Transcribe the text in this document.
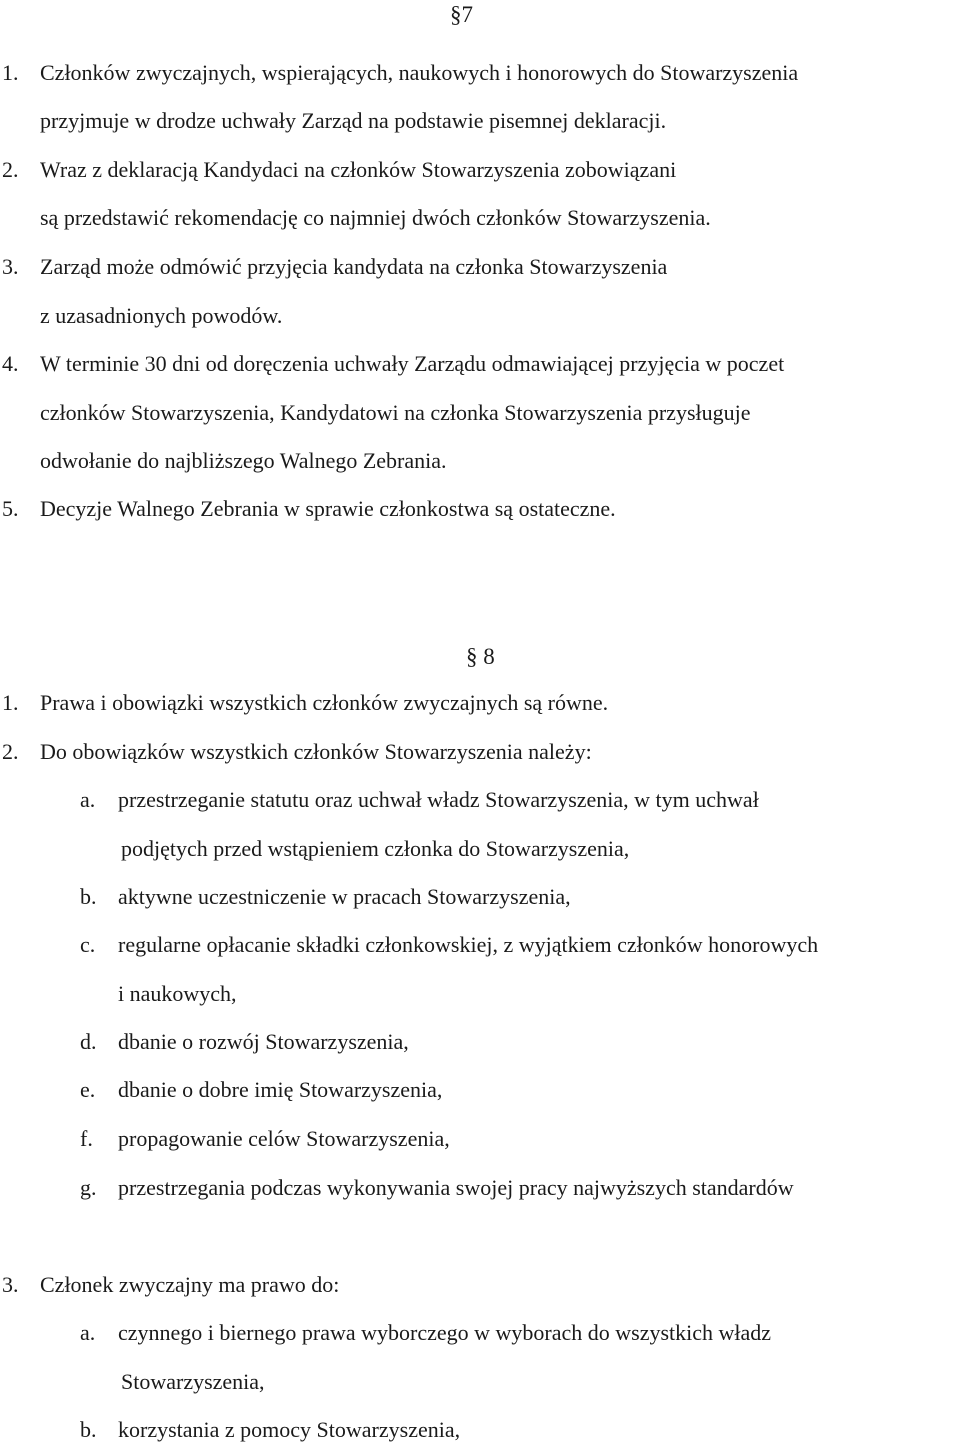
§7
1. Członków zwyczajnych, wspierających, naukowych i honorowych do Stowarzyszenia
przyjmuje w drodze uchwały Zarząd na podstawie pisemnej deklaracji.
2. Wraz z deklaracją Kandydaci na członków Stowarzyszenia zobowiązani
są przedstawić rekomendację co najmniej dwóch członków Stowarzyszenia.
3. Zarząd może odmówić przyjęcia kandydata na członka Stowarzyszenia
z uzasadnionych powodów.
4. W terminie 30 dni od doręczenia uchwały Zarządu odmawiającej przyjęcia w poczet
członków Stowarzyszenia, Kandydatowi na członka Stowarzyszenia przysługuje
odwołanie do najbliższego Walnego Zebrania.
5. Decyzje Walnego Zebrania w sprawie członkostwa są ostateczne.
§ 8
1. Prawa i obowiązki wszystkich członków zwyczajnych są równe.
2. Do obowiązków wszystkich członków Stowarzyszenia należy:
a. przestrzeganie statutu oraz uchwał władz Stowarzyszenia, w tym uchwał
podjętych przed wstąpieniem członka do Stowarzyszenia,
b. aktywne uczestniczenie w pracach Stowarzyszenia,
c. regularne opłacanie składki członkowskiej, z wyjątkiem członków honorowych
i naukowych,
d. dbanie o rozwój Stowarzyszenia,
e. dbanie o dobre imię Stowarzyszenia,
f. propagowanie celów Stowarzyszenia,
g. przestrzegania podczas wykonywania swojej pracy najwyższych standardów
3. Członek zwyczajny ma prawo do:
a. czynnego i biernego prawa wyborczego w wyborach do wszystkich władz
Stowarzyszenia,
b. korzystania z pomocy Stowarzyszenia,
